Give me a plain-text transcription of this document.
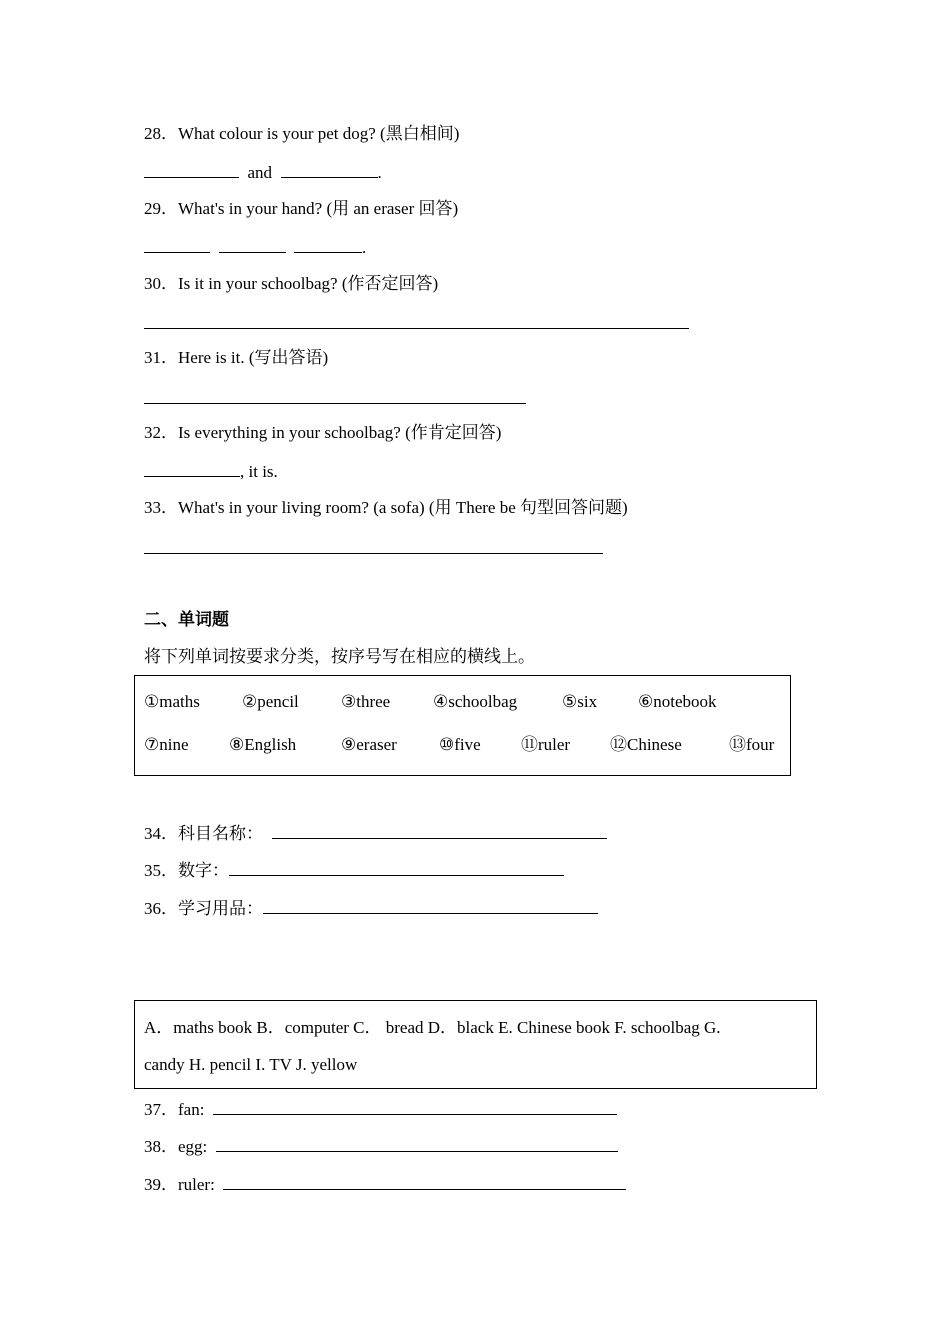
28．What colour is your pet dog? (黑白相间)
and	.
29．What's in your hand? (用 an eraser 回答)
.
30．Is it in your schoolbag? (作否定回答)
31．Here is it. (写出答语)
32．Is everything in your schoolbag? (作肯定回答)
, it is.
33．What's in your living room? (a sofa) (用 There be 句型回答问题)
二、单词题
将下列单词按要求分类，按序号写在相应的横线上。
①maths ②pencil ③three	④schoolbag	⑤six ⑥notebook
⑦nine ⑧English	⑨eraser ⑩five ⑪ruler ⑫Chinese	⑬four
34．科目名称：
35．数字：
36．学习用品：
A．maths book B．computer C． bread D．black E. Chinese book F. schoolbag G.
candy H. pencil I. TV J. yellow
37．fan:
38．egg:
39．ruler:
